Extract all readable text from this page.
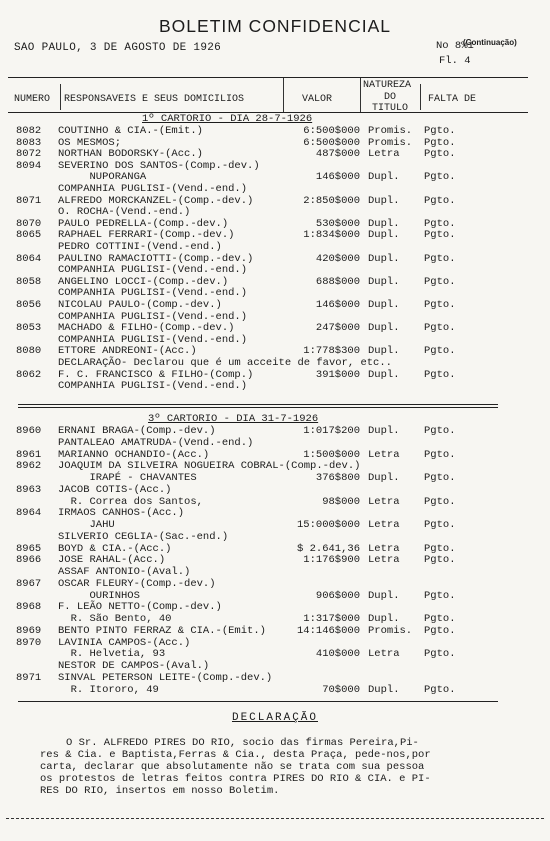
BOLETIM CONFIDENCIAL
SAO PAULO, 3 DE AGOSTO DE 1926	No 8%1
(Continuação)
Fl. 4
NUMERO RESPONSAVEIS E SEUS DOMICILIOS	VALOR
NATUREZA
DO
TITULO
FALTA DE
1º CARTORIO - DIA 28-7-1926
8082 COUTINHO & CIA.-(Emit.)	6:500$000 Promis. Pgto.
8083 OS MESMOS;	6:500$000 Promis. Pgto.
8072 NORTHAN BODORSKY-(Acc.)	487$000 Letra Pgto.
8094 SEVERINO DOS SANTOS-(Comp.-dev.)
NUPORANGA	146$000 Dupl. Pgto.
COMPANHIA PUGLISI-(Vend.-end.)
8071 ALFREDO MORCKANZEL-(Comp.-dev.)	2:850$000 Dupl. Pgto.
O. ROCHA-(Vend.-end.)
8070 PAULO PEDRELLA-(Comp.-dev.)	530$000 Dupl. Pgto.
8065 RAPHAEL FERRARI-(Comp.-dev.)	1:834$000 Dupl. Pgto.
PEDRO COTTINI-(Vend.-end.)
8064 PAULINO RAMACIOTTI-(Comp.-dev.)	420$000 Dupl. Pgto.
COMPANHIA PUGLISI-(Vend.-end.)
8058 ANGELINO LOCCI-(Comp.-dev.)	688$000 Dupl. Pgto.
COMPANHIA PUGLISI-(Vend.-end.)
8056 NICOLAU PAULO-(Comp.-dev.)	146$000 Dupl. Pgto.
COMPANHIA PUGLISI-(Vend.-end.)
8053 MACHADO & FILHO-(Comp.-dev.)	247$000 Dupl. Pgto.
COMPANHIA PUGLISI-(Vend.-end.)
8080 ETTORE ANDREONI-(Acc.)	1:778$300 Dupl. Pgto.
DECLARAÇÃO- Declarou que é um acceite de favor, etc..
8062 F. C. FRANCISCO & FILHO-(Comp.)	391$000 Dupl. Pgto.
COMPANHIA PUGLISI-(Vend.-end.)
3º CARTORIO - DIA 31-7-1926
8960 ERNANI BRAGA-(Comp.-dev.)	1:017$200 Dupl. Pgto.
PANTALEAO AMATRUDA-(Vend.-end.)
8961 MARIANNO OCHANDIO-(Acc.)	1:500$000 Letra Pgto.
8962 JOAQUIM DA SILVEIRA NOGUEIRA COBRAL-(Comp.-dev.)
IRAPÉ - CHAVANTES	376$800 Dupl. Pgto.
8963 JACOB COTIS-(Acc.)
R. Correa dos Santos,	98$000 Letra Pgto.
8964 IRMAOS CANHOS-(Acc.)
JAHU	15:000$000 Letra Pgto.
SILVERIO CEGLIA-(Sac.-end.)
8965 BOYD & CIA.-(Acc.)	$ 2.641,36 Letra Pgto.
8966 JOSE RAHAL-(Acc.)	1:176$900 Letra Pgto.
ASSAF ANTONIO-(Aval.)
8967 OSCAR FLEURY-(Comp.-dev.)
OURINHOS	906$000 Dupl. Pgto.
8968 F. LEÃO NETTO-(Comp.-dev.)
R. São Bento, 40	1:317$000 Dupl. Pgto.
8969 BENTO PINTO FERRAZ & CIA.-(Emit.)	14:146$000 Promis. Pgto.
8970 LAVINIA CAMPOS-(Acc.)
R. Helvetia, 93	410$000 Letra Pgto.
NESTOR DE CAMPOS-(Aval.)
8971 SINVAL PETERSON LEITE-(Comp.-dev.)
R. Itororo, 49	70$000 Dupl. Pgto.
DECLARAÇÃO

O Sr. ALFREDO PIRES DO RIO, socio das firmas Pereira,Pi-

res & Cia. e Baptista,Ferras & Cia., desta Praça, pede-nos,por

carta, declarar que absolutamente não se trata com sua pessoa

os protestos de letras feitos contra PIRES DO RIO & CIA. e PI-

RES DO RIO, insertos em nosso Boletim.
